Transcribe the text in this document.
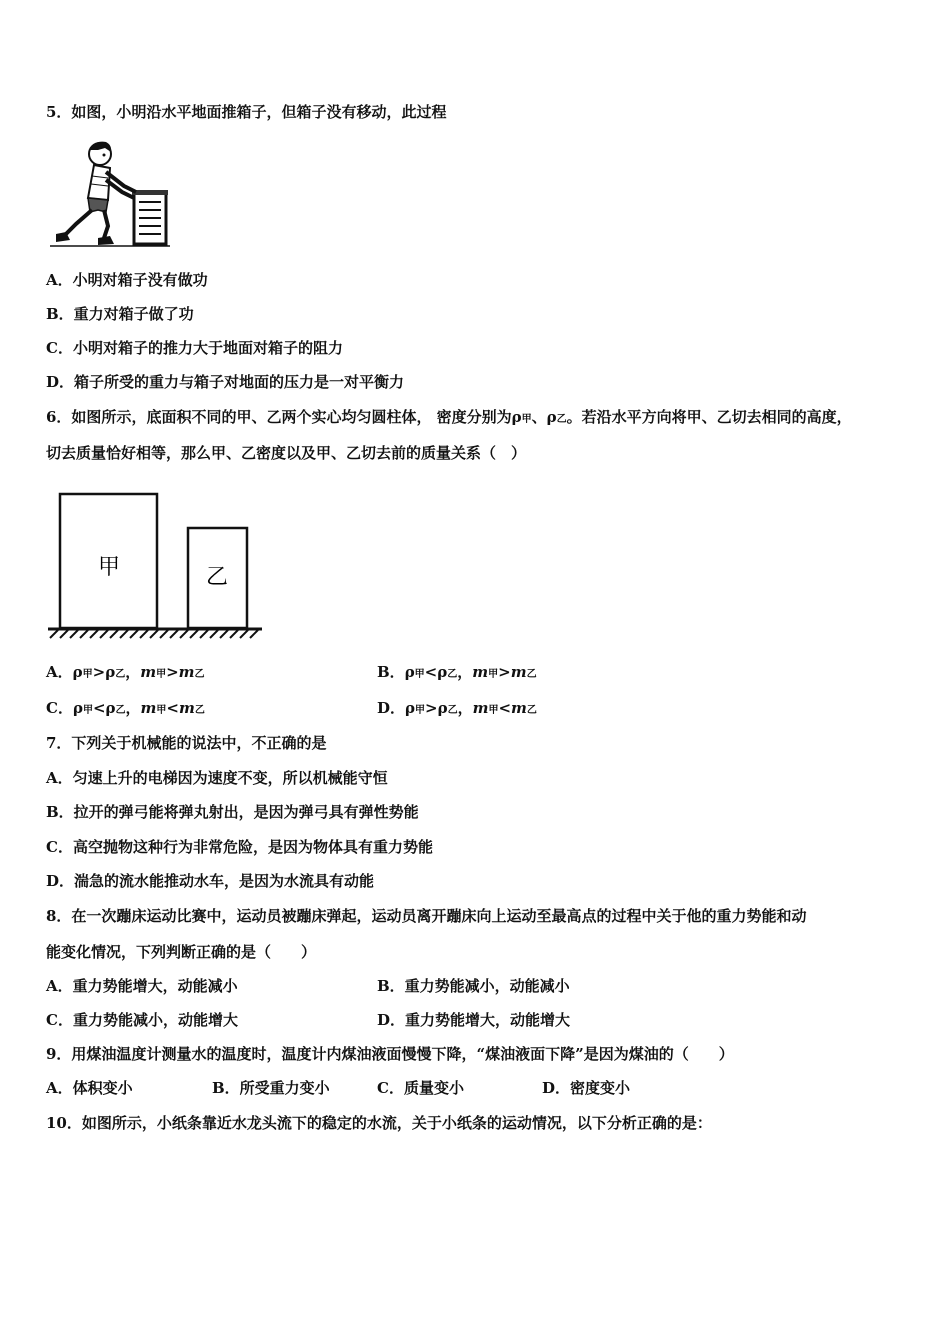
5．如图，小明沿水平地面推箱子，但箱子没有移动，此过程
A．小明对箱子没有做功
B．重力对箱子做了功
C．小明对箱子的推力大于地面对箱子的阻力
D．箱子所受的重力与箱子对地面的压力是一对平衡力
6．如图所示，底面积不同的甲、乙两个实心均匀圆柱体， 密度分别为ρ甲、ρ乙。若沿水平方向将甲、乙切去相同的高度，
切去质量恰好相等，那么甲、乙密度以及甲、乙切去前的质量关系（　）
甲	乙
A．ρ甲>ρ乙，m甲>m乙	B．ρ甲<ρ乙，m甲>m乙
C．ρ甲<ρ乙，m甲<m乙	D．ρ甲>ρ乙，m甲<m乙
7．下列关于机械能的说法中，不正确的是
A．匀速上升的电梯因为速度不变，所以机械能守恒
B．拉开的弹弓能将弹丸射出，是因为弹弓具有弹性势能
C．高空抛物这种行为非常危险，是因为物体具有重力势能
D．湍急的流水能推动水车，是因为水流具有动能
8．在一次蹦床运动比赛中，运动员被蹦床弹起，运动员离开蹦床向上运动至最高点的过程中关于他的重力势能和动
能变化情况，下列判断正确的是（　　）
A．重力势能增大，动能减小	B．重力势能减小，动能减小
C．重力势能减小，动能增大	D．重力势能增大，动能增大
9．用煤油温度计测量水的温度时，温度计内煤油液面慢慢下降，“煤油液面下降”是因为煤油的（　　）
A．体积变小	B．所受重力变小	C．质量变小	D．密度变小
10．如图所示，小纸条靠近水龙头流下的稳定的水流，关于小纸条的运动情况，以下分析正确的是：
